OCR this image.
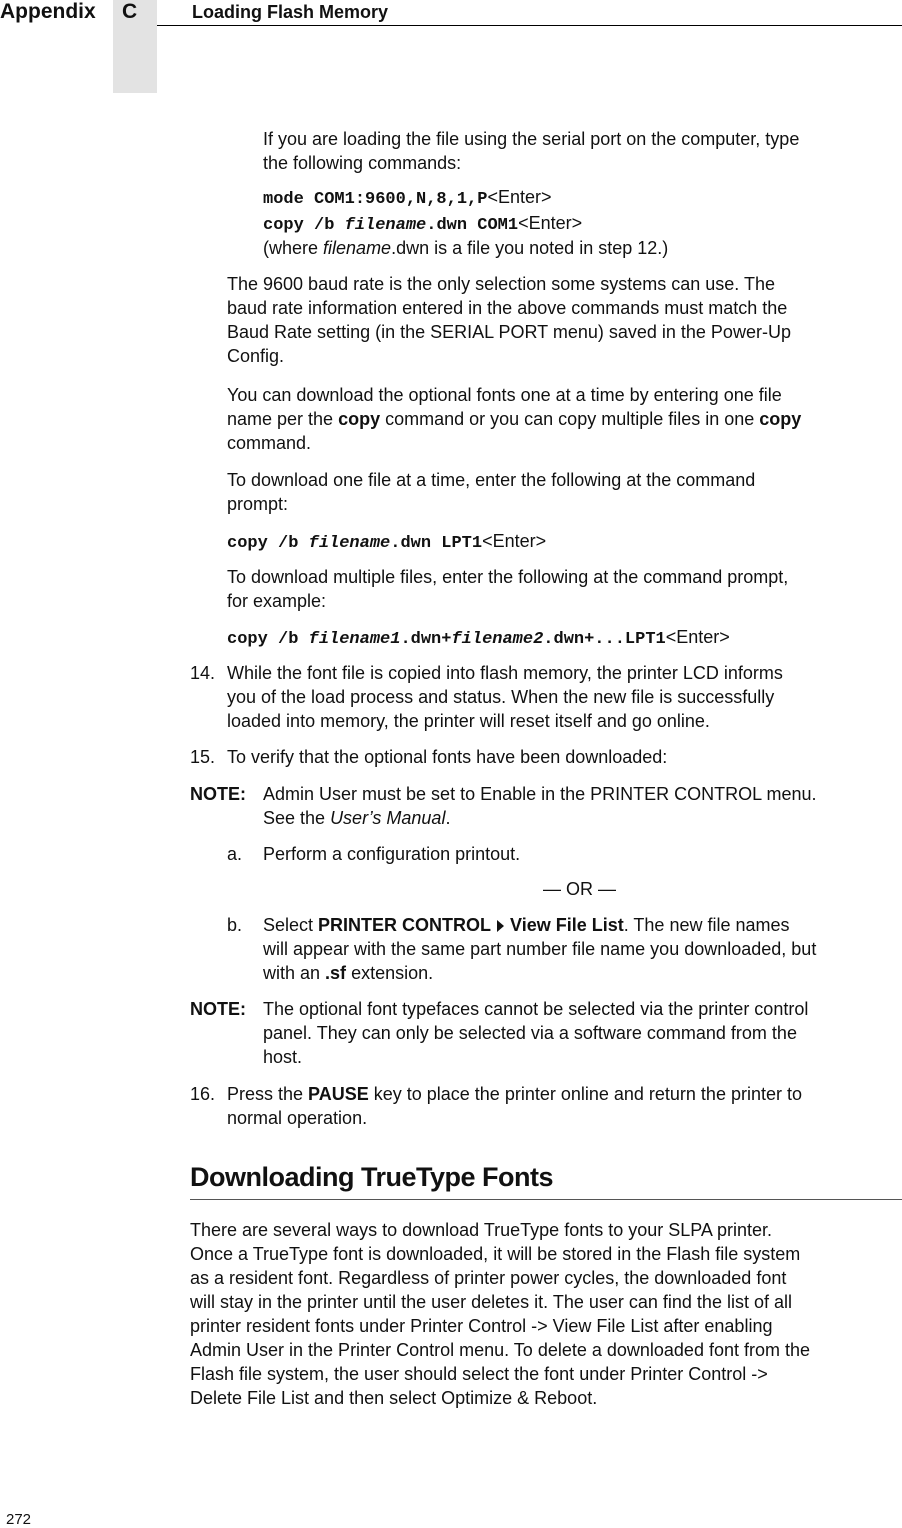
Appendix C	Loading Flash Memory
If you are loading the file using the serial port on the computer, type
the following commands:
mode COM1:9600,N,8,1,P<Enter>
copy /b filename.dwn COM1<Enter>
(where filename.dwn is a file you noted in step 12.)
The 9600 baud rate is the only selection some systems can use. The
baud rate information entered in the above commands must match the
Baud Rate setting (in the SERIAL PORT menu) saved in the Power-Up
Config.
You can download the optional fonts one at a time by entering one file
name per the copy command or you can copy multiple files in one copy
command.
To download one file at a time, enter the following at the command
prompt:
copy /b filename.dwn LPT1<Enter>
To download multiple files, enter the following at the command prompt,
for example:
copy /b filename1.dwn+filename2.dwn+...LPT1<Enter>
14. While the font file is copied into flash memory, the printer LCD informs
you of the load process and status. When the new file is successfully
loaded into memory, the printer will reset itself and go online.
15. To verify that the optional fonts have been downloaded:
NOTE: Admin User must be set to Enable in the PRINTER CONTROL menu.
See the User’s Manual.
a. Perform a configuration printout.
— OR —
b. Select PRINTER CONTROL View File List. The new file names
will appear with the same part number file name you downloaded, but
with an .sf extension.
NOTE: The optional font typefaces cannot be selected via the printer control
panel. They can only be selected via a software command from the
host.
16. Press the PAUSE key to place the printer online and return the printer to
normal operation.
Downloading TrueType Fonts
There are several ways to download TrueType fonts to your SLPA printer.
Once a TrueType font is downloaded, it will be stored in the Flash file system
as a resident font. Regardless of printer power cycles, the downloaded font
will stay in the printer until the user deletes it. The user can find the list of all
printer resident fonts under Printer Control -> View File List after enabling
Admin User in the Printer Control menu. To delete a downloaded font from the
Flash file system, the user should select the font under Printer Control ->
Delete File List and then select Optimize & Reboot.
272
